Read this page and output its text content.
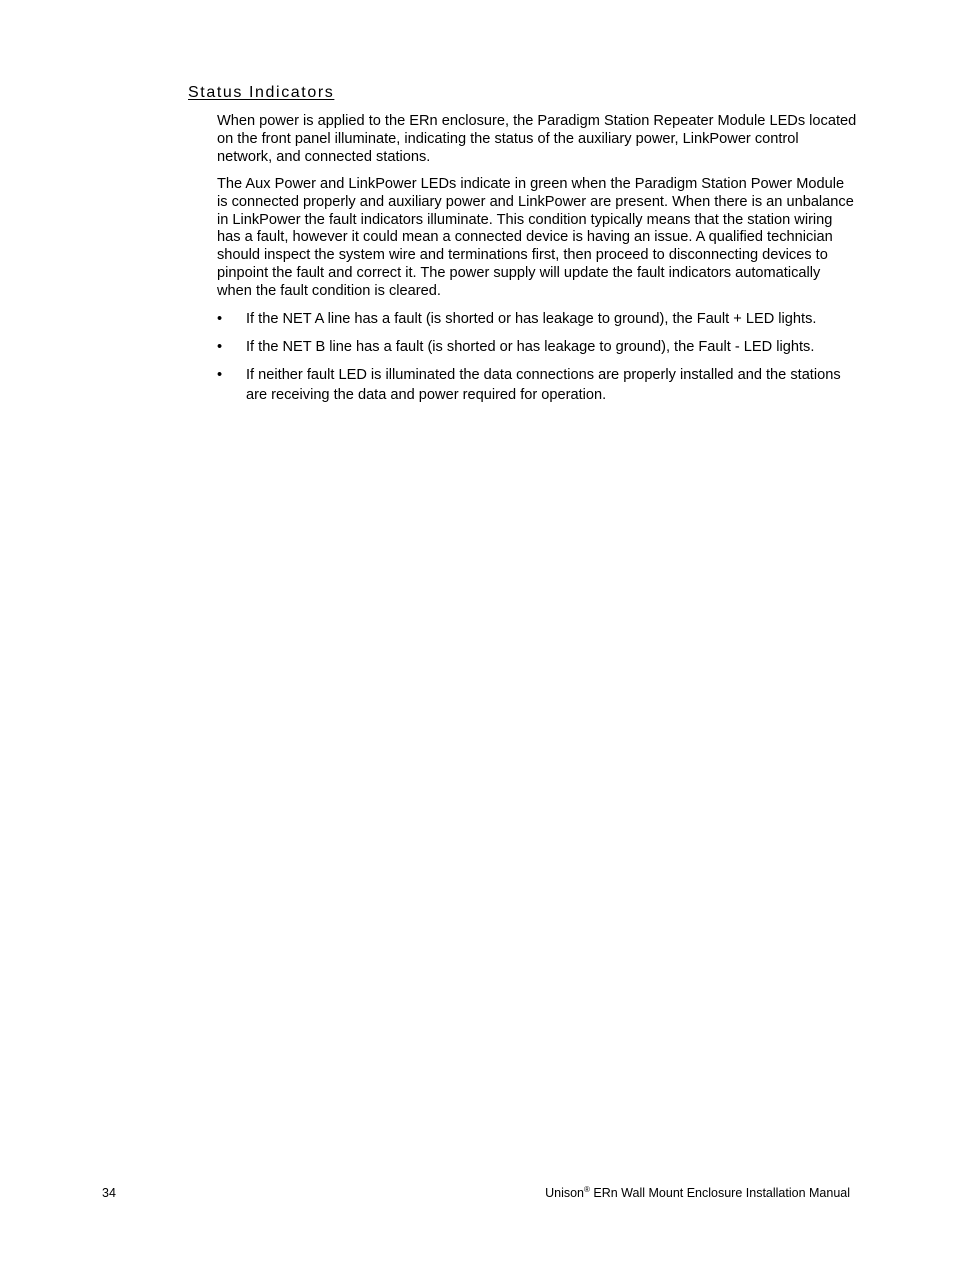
Status Indicators

When power is applied to the ERn enclosure, the Paradigm Station Repeater Module LEDs located on the front panel illuminate, indicating the status of the auxiliary power, LinkPower control network, and connected stations.

The Aux Power and LinkPower LEDs indicate in green when the Paradigm Station Power Module is connected properly and auxiliary power and LinkPower are present. When there is an unbalance in LinkPower the fault indicators illuminate. This condition typically means that the station wiring has a fault, however it could mean a connected device is having an issue. A qualified technician should inspect the system wire and terminations first, then proceed to disconnecting devices to pinpoint the fault and correct it. The power supply will update the fault indicators automatically when the fault condition is cleared.

• If the NET A line has a fault (is shorted or has leakage to ground), the Fault + LED lights.
• If the NET B line has a fault (is shorted or has leakage to ground), the Fault - LED lights.
• If neither fault LED is illuminated the data connections are properly installed and the stations are receiving the data and power required for operation.
34	Unison® ERn Wall Mount Enclosure Installation Manual
